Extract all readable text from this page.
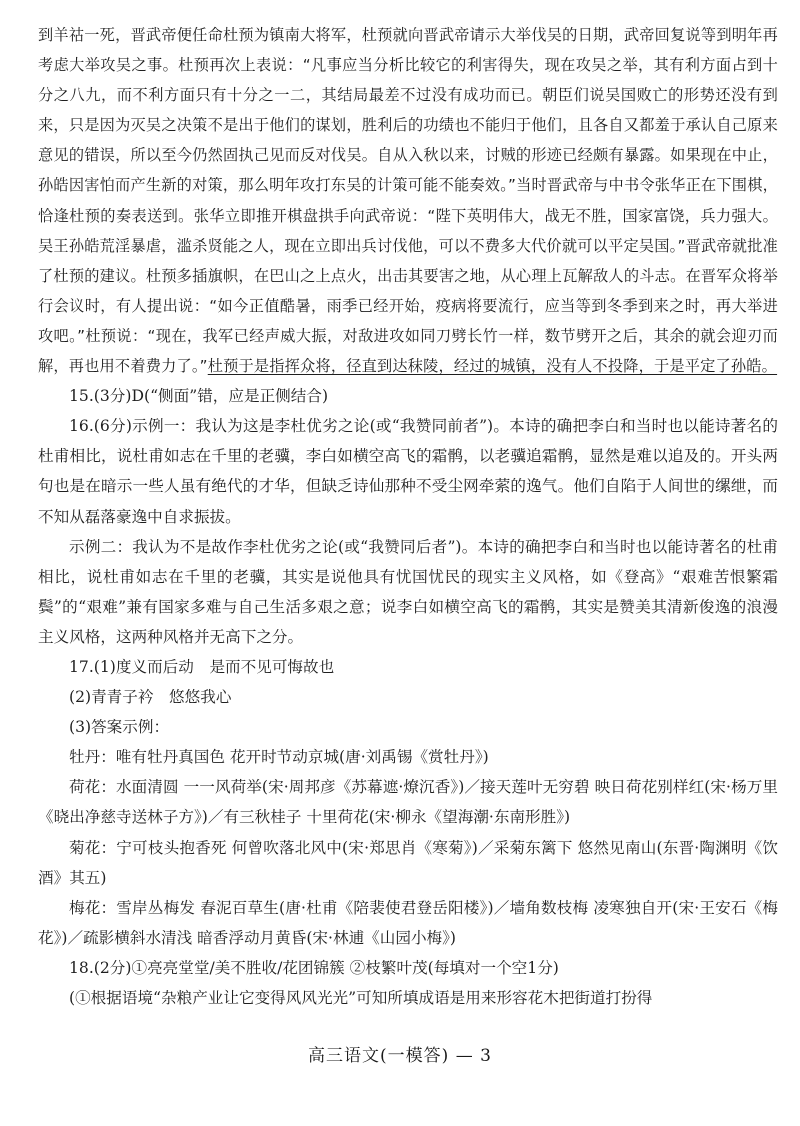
到羊祜一死，晋武帝便任命杜预为镇南大将军，杜预就向晋武帝请示大举伐吴的日期，武帝回复说等到明年再考虑大举攻吴之事。杜预再次上表说：“凡事应当分析比较它的利害得失，现在攻吴之举，其有利方面占到十分之八九，而不利方面只有十分之一二，其结局最差不过没有成功而已。朝臣们说吴国败亡的形势还没有到来，只是因为灭吴之决策不是出于他们的谋划，胜利后的功绩也不能归于他们，且各自又都羞于承认自己原来意见的错误，所以至今仍然固执己见而反对伐吴。自从入秋以来，讨贼的形迹已经颇有暴露。如果现在中止，孙皓因害怕而产生新的对策，那么明年攻打东吴的计策可能不能奏效。”当时晋武帝与中书令张华正在下围棋，恰逢杜预的奏表送到。张华立即推开棋盘拱手向武帝说：“陛下英明伟大，战无不胜，国家富饶，兵力强大。吴王孙皓荒淫暴虐，滥杀贤能之人，现在立即出兵讨伐他，可以不费多大代价就可以平定吴国。”晋武帝就批准了杜预的建议。杜预多插旗帜，在巴山之上点火，出击其要害之地，从心理上瓦解敌人的斗志。在晋军众将举行会议时，有人提出说：“如今正值酷暑，雨季已经开始，疫病将要流行，应当等到冬季到来之时，再大举进攻吧。”杜预说：“现在，我军已经声威大振，对敌进攻如同刀劈长竹一样，数节劈开之后，其余的就会迎刃而解，再也用不着费力了。”杜预于是指挥众将，径直到达秣陵，经过的城镇，没有人不投降，于是平定了孙皓。

15.(3分)D(“侧面”错，应是正侧结合)

16.(6分)示例一：我认为这是李杜优劣之论(或“我赞同前者”)。本诗的确把李白和当时也以能诗著名的杜甫相比，说杜甫如志在千里的老骥，李白如横空高飞的霜鹘，以老骥追霜鹘，显然是难以追及的。开头两句也是在暗示一些人虽有绝代的才华，但缺乏诗仙那种不受尘网牵萦的逸气。他们自陷于人间世的缧绁，而不知从磊落豪逸中自求振拔。

示例二：我认为不是故作李杜优劣之论(或“我赞同后者”)。本诗的确把李白和当时也以能诗著名的杜甫相比，说杜甫如志在千里的老骥，其实是说他具有忧国忧民的现实主义风格，如《登高》“艰难苦恨繁霜鬓”的“艰难”兼有国家多难与自己生活多艰之意；说李白如横空高飞的霜鹘，其实是赞美其清新俊逸的浪漫主义风格，这两种风格并无高下之分。

17.(1)度义而后动　是而不见可悔故也

(2)青青子衿　悠悠我心

(3)答案示例：

牡丹：唯有牡丹真国色 花开时节动京城(唐·刘禹锡《赏牡丹》)

荷花：水面清圆 一一风荷举(宋·周邦彦《苏幕遮·燎沉香》)／接天莲叶无穷碧 映日荷花别样红(宋·杨万里《晓出净慈寺送林子方》)／有三秋桂子 十里荷花(宋·柳永《望海潮·东南形胜》)

菊花：宁可枝头抱香死 何曾吹落北风中(宋·郑思肖《寒菊》)／采菊东篱下 悠然见南山(东晋·陶渊明《饮酒》其五)

梅花：雪岸丛梅发 春泥百草生(唐·杜甫《陪裴使君登岳阳楼》)／墙角数枝梅 凌寒独自开(宋·王安石《梅花》)／疏影横斜水清浅 暗香浮动月黄昏(宋·林逋《山园小梅》)

18.(2分)①亮亮堂堂/美不胜收/花团锦簇 ②枝繁叶茂(每填对一个空1分)

(①根据语境“杂粮产业让它变得风风光光”可知所填成语是用来形容花木把街道打扮得

高三语文(一模答) — 3
